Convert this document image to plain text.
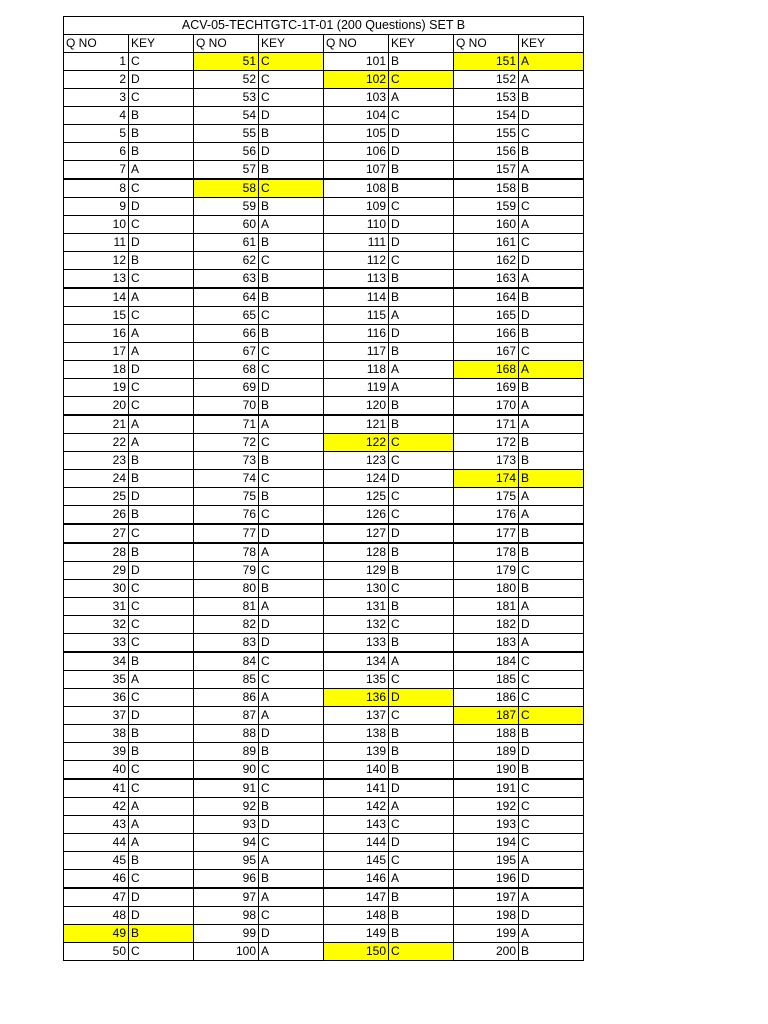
ACV-05-TECHTGTC-1T-01 (200 Questions) SET B							
Q NO	KEY	Q NO	KEY	Q NO	KEY	Q NO	KEY
1	C	51	C	101	B	151	A
2	D	52	C	102	C	152	A
3	C	53	C	103	A	153	B
4	B	54	D	104	C	154	D
5	B	55	B	105	D	155	C
6	B	56	D	106	D	156	B
7	A	57	B	107	B	157	A
8	C	58	C	108	B	158	B
9	D	59	B	109	C	159	C
10	C	60	A	110	D	160	A
11	D	61	B	111	D	161	C
12	B	62	C	112	C	162	D
13	C	63	B	113	B	163	A
14	A	64	B	114	B	164	B
15	C	65	C	115	A	165	D
16	A	66	B	116	D	166	B
17	A	67	C	117	B	167	C
18	D	68	C	118	A	168	A
19	C	69	D	119	A	169	B
20	C	70	B	120	B	170	A
21	A	71	A	121	B	171	A
22	A	72	C	122	C	172	B
23	B	73	B	123	C	173	B
24	B	74	C	124	D	174	B
25	D	75	B	125	C	175	A
26	B	76	C	126	C	176	A
27	C	77	D	127	D	177	B
28	B	78	A	128	B	178	B
29	D	79	C	129	B	179	C
30	C	80	B	130	C	180	B
31	C	81	A	131	B	181	A
32	C	82	D	132	C	182	D
33	C	83	D	133	B	183	A
34	B	84	C	134	A	184	C
35	A	85	C	135	C	185	C
36	C	86	A	136	D	186	C
37	D	87	A	137	C	187	C
38	B	88	D	138	B	188	B
39	B	89	B	139	B	189	D
40	C	90	C	140	B	190	B
41	C	91	C	141	D	191	C
42	A	92	B	142	A	192	C
43	A	93	D	143	C	193	C
44	A	94	C	144	D	194	C
45	B	95	A	145	C	195	A
46	C	96	B	146	A	196	D
47	D	97	A	147	B	197	A
48	D	98	C	148	B	198	D
49	B	99	D	149	B	199	A
50	C	100	A	150	C	200	B
